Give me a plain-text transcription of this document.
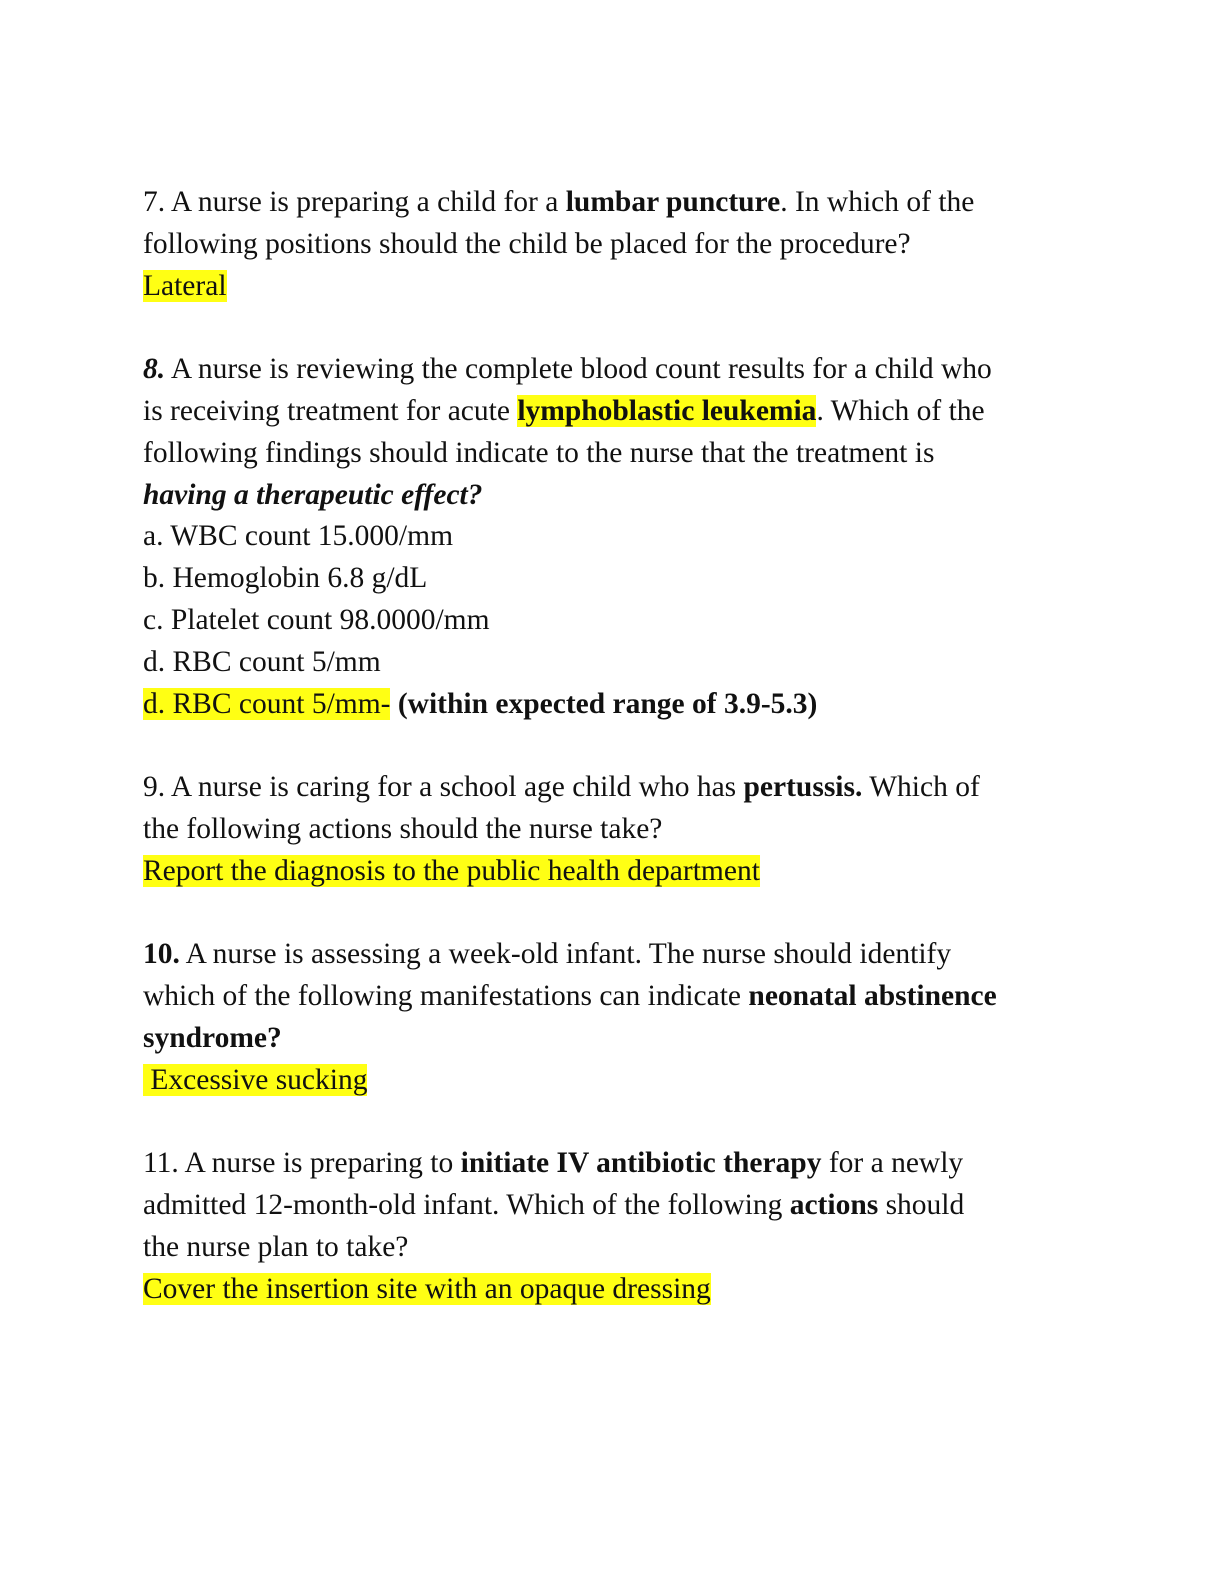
7. A nurse is preparing a child for a lumbar puncture. In which of the
following positions should the child be placed for the procedure?
Lateral
8. A nurse is reviewing the complete blood count results for a child who
is receiving treatment for acute lymphoblastic leukemia. Which of the
following findings should indicate to the nurse that the treatment is
having a therapeutic effect?
a. WBC count 15.000/mm
b. Hemoglobin 6.8 g/dL
c. Platelet count 98.0000/mm
d. RBC count 5/mm
d. RBC count 5/mm- (within expected range of 3.9-5.3)
9. A nurse is caring for a school age child who has pertussis. Which of
the following actions should the nurse take?
Report the diagnosis to the public health department
10. A nurse is assessing a week-old infant. The nurse should identify
which of the following manifestations can indicate neonatal abstinence
syndrome?
Excessive sucking
11. A nurse is preparing to initiate IV antibiotic therapy for a newly
admitted 12-month-old infant. Which of the following actions should
the nurse plan to take?
Cover the insertion site with an opaque dressing
